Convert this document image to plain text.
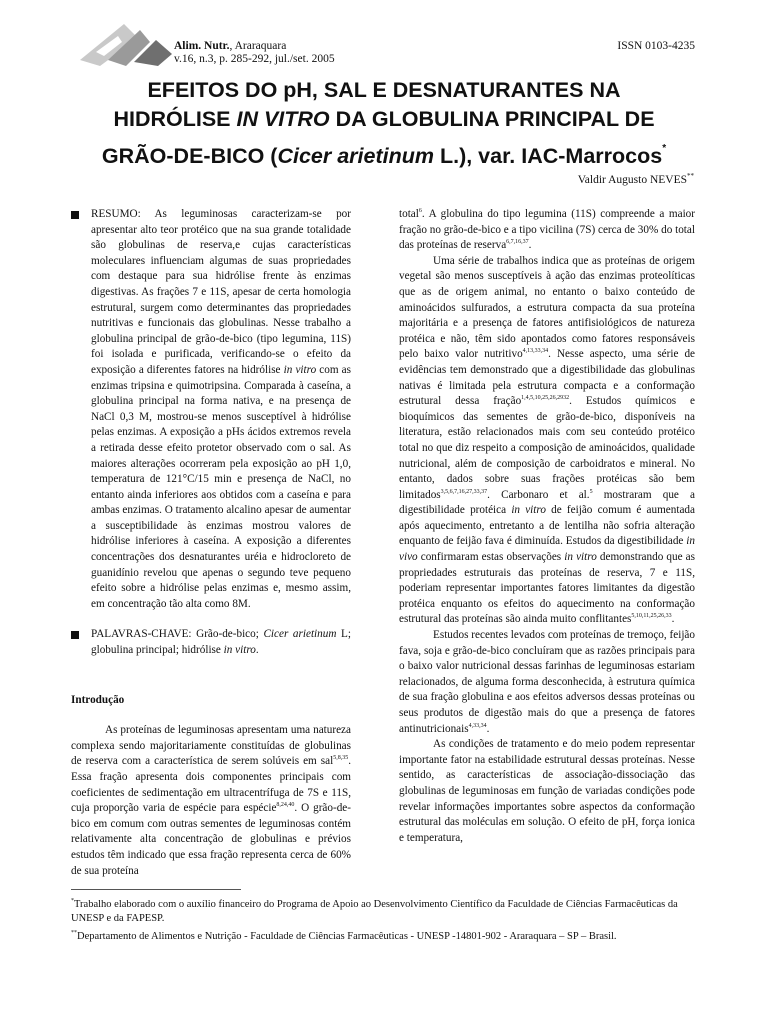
Alim. Nutr., Araraquara
v.16, n.3, p. 285-292, jul./set. 2005
ISSN 0103-4235
EFEITOS DO pH, SAL E DESNATURANTES NA
HIDRÓLISE IN VITRO DA GLOBULINA PRINCIPAL DE
GRÃO-DE-BICO (Cicer arietinum L.), var. IAC-Marrocos*
Valdir Augusto NEVES**

RESUMO: As leguminosas caracterizam-se por apresentar alto teor protéico que na sua grande totalidade são globulinas de reserva,e cujas características moleculares influenciam algumas de suas propriedades com destaque para sua hidrólise frente às enzimas digestivas. As frações 7 e 11S, apesar de certa homologia estrutural, surgem como determinantes das propriedades nutritivas e funcionais das globulinas. Nesse trabalho a globulina principal de grão-de-bico (tipo legumina, 11S) foi isolada e purificada, verificando-se o efeito da exposição a diferentes fatores na hidrólise in vitro com as enzimas tripsina e quimotripsina. Comparada à caseína, a globulina principal na forma nativa, e na presença de NaCl 0,3 M, mostrou-se menos susceptível à hidrólise pelas enzimas. A exposição a pHs ácidos extremos revela a retirada desse efeito protetor observado com o sal. As maiores alterações ocorreram pela exposição ao pH 1,0, temperatura de 121°C/15 min e presença de NaCl, no entanto ainda inferiores aos obtidos com a caseína e para ambas enzimas. O tratamento alcalino apesar de aumentar a susceptibilidade às enzimas mostrou valores de hidrólise inferiores à caseína. A exposição a diferentes concentrações dos desnaturantes uréia e hidrocloreto de guanidínio revelou que apenas o segundo teve pequeno efeito sobre a hidrólise pelas enzimas e, mesmo assim, em concentração tão alta como 8M.

PALAVRAS-CHAVE: Grão-de-bico; Cicer arietinum L; globulina principal; hidrólise in vitro.

Introdução

As proteínas de leguminosas apresentam uma natureza complexa sendo majoritariamente constituídas de globulinas de reserva com a característica de serem solúveis em sal$^{5,8,35}$. Essa fração apresenta dois componentes principais com coeficientes de sedimentação em ultracentrífuga de 7S e 11S, cuja proporção varia de espécie para espécie$^{8,24,40}$. O grão-de-bico em comum com outras sementes de leguminosas contém relativamente alta concentração de globulinas e prévios estudos têm indicado que essa fração representa cerca de 60% de sua proteína

total$^6$. A globulina do tipo legumina (11S) compreende a maior fração no grão-de-bico e a tipo vicilina (7S) cerca de 30% do total das proteínas de reserva$^{6,7,16,37}$.

Uma série de trabalhos indica que as proteínas de origem vegetal são menos susceptíveis à ação das enzimas proteolíticas que as de origem animal, no entanto o baixo conteúdo de aminoácidos sulfurados, a estrutura compacta da sua proteína majoritária e a presença de fatores antifisiológicos de natureza protéica e não, têm sido apontados como fatores responsáveis pelo baixo valor nutritivo$^{4,13,33,34}$. Nesse aspecto, uma série de evidências tem demonstrado que a digestibilidade das globulinas nativas é limitada pela estrutura compacta e a conformação estrutural dessa fração$^{1,4,5,10,25,26,2932}$. Estudos químicos e bioquímicos das sementes de grão-de-bico, disponíveis na literatura, estão relacionados mais com seu conteúdo protéico total no que diz respeito a composição de aminoácidos, qualidade nutricional, além de composição de carboidratos e mineral. No entanto, dados sobre suas frações protéicas são bem limitados$^{3,5,6,7,16,27,33,37}$. Carbonaro et al.$^5$ mostraram que a digestibilidade protéica in vitro de feijão comum é aumentada após aquecimento, entretanto a de lentilha não sofria alteração enquanto de feijão fava é diminuída. Estudos da digestibilidade in vivo confirmaram estas observações in vitro demonstrando que as propriedades estruturais das proteínas de reserva, 7 e 11S, poderiam representar importantes fatores limitantes da digestão protéica enquanto os efeitos do aquecimento na conformação estrutural das proteínas são ainda muito conflitantes$^{5,10,11,25,26,33}$.

Estudos recentes levados com proteínas de tremoço, feijão fava, soja e grão-de-bico concluíram que as razões principais para o baixo valor nutricional dessas farinhas de leguminosas estariam relacionados, de alguma forma desconhecida, à estrutura química de sua fração globulina e aos efeitos adversos dessas proteínas ou seus produtos de digestão mais do que a presença de fatores antinutricionais$^{4,33,34}$.

As condições de tratamento e do meio podem representar importante fator na estabilidade estrutural dessas proteínas. Nesse sentido, as características de associação-dissociação das globulinas de leguminosas em função de variadas condições pode revelar informações importantes sobre aspectos da conformação estrutural das moléculas em solução. O efeito de pH, força ionica e temperatura,

*Trabalho elaborado com o auxílio financeiro do Programa de Apoio ao Desenvolvimento Científico da Faculdade de Ciências Farmacêuticas da UNESP e da FAPESP.

**Departamento de Alimentos e Nutrição - Faculdade de Ciências Farmacêuticas - UNESP -14801-902 - Araraquara – SP – Brasil.
